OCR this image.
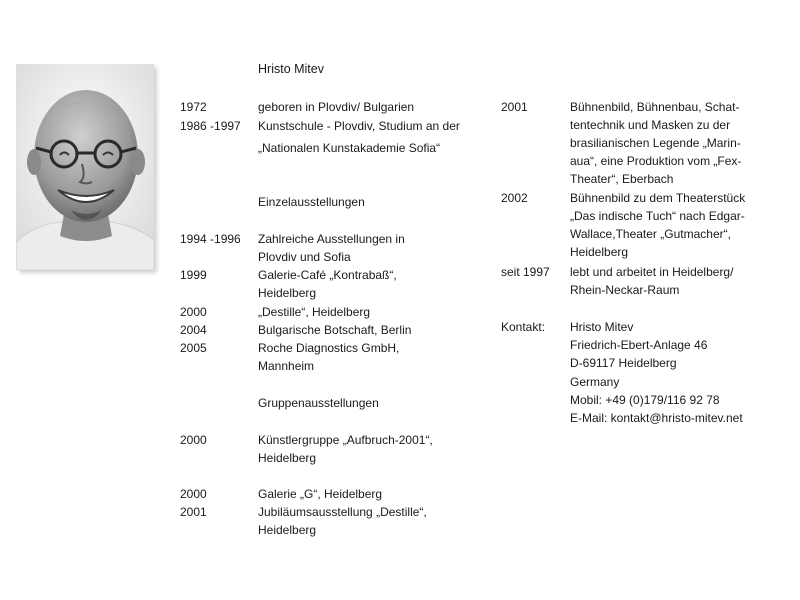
Hristo Mitev
1972	geboren in Plovdiv/ Bulgarien
1986 -1997	Kunstschule - Plovdiv, Studium an der
„Nationalen Kunstakademie Sofia“
Einzelausstellungen
1994 -1996	Zahlreiche Ausstellungen in
Plovdiv und Sofia
1999	Galerie-Café „Kontrabaß“,
Heidelberg
2000	„Destille“, Heidelberg
2004	Bulgarische Botschaft, Berlin
2005	Roche Diagnostics GmbH,
Mannheim
Gruppenausstellungen
2000	Künstlergruppe „Aufbruch-2001“,
Heidelberg
2000	Galerie „G“, Heidelberg
2001	Jubiläumsausstellung „Destille“,
Heidelberg
2001	Bühnenbild, Bühnenbau, Schat-
tentechnik und Masken zu der
brasilianischen Legende „Marin-
aua“, eine Produktion vom „Fex-
Theater“, Eberbach
2002	Bühnenbild zu dem Theaterstück
„Das indische Tuch“ nach Edgar-
Wallace,Theater „Gutmacher“,
Heidelberg
seit 1997	lebt und arbeitet in Heidelberg/
Rhein-Neckar-Raum
Kontakt:	Hristo Mitev
Friedrich-Ebert-Anlage 46
D-69117 Heidelberg
Germany
Mobil: +49 (0)179/116 92 78
E-Mail: kontakt@hristo-mitev.net
